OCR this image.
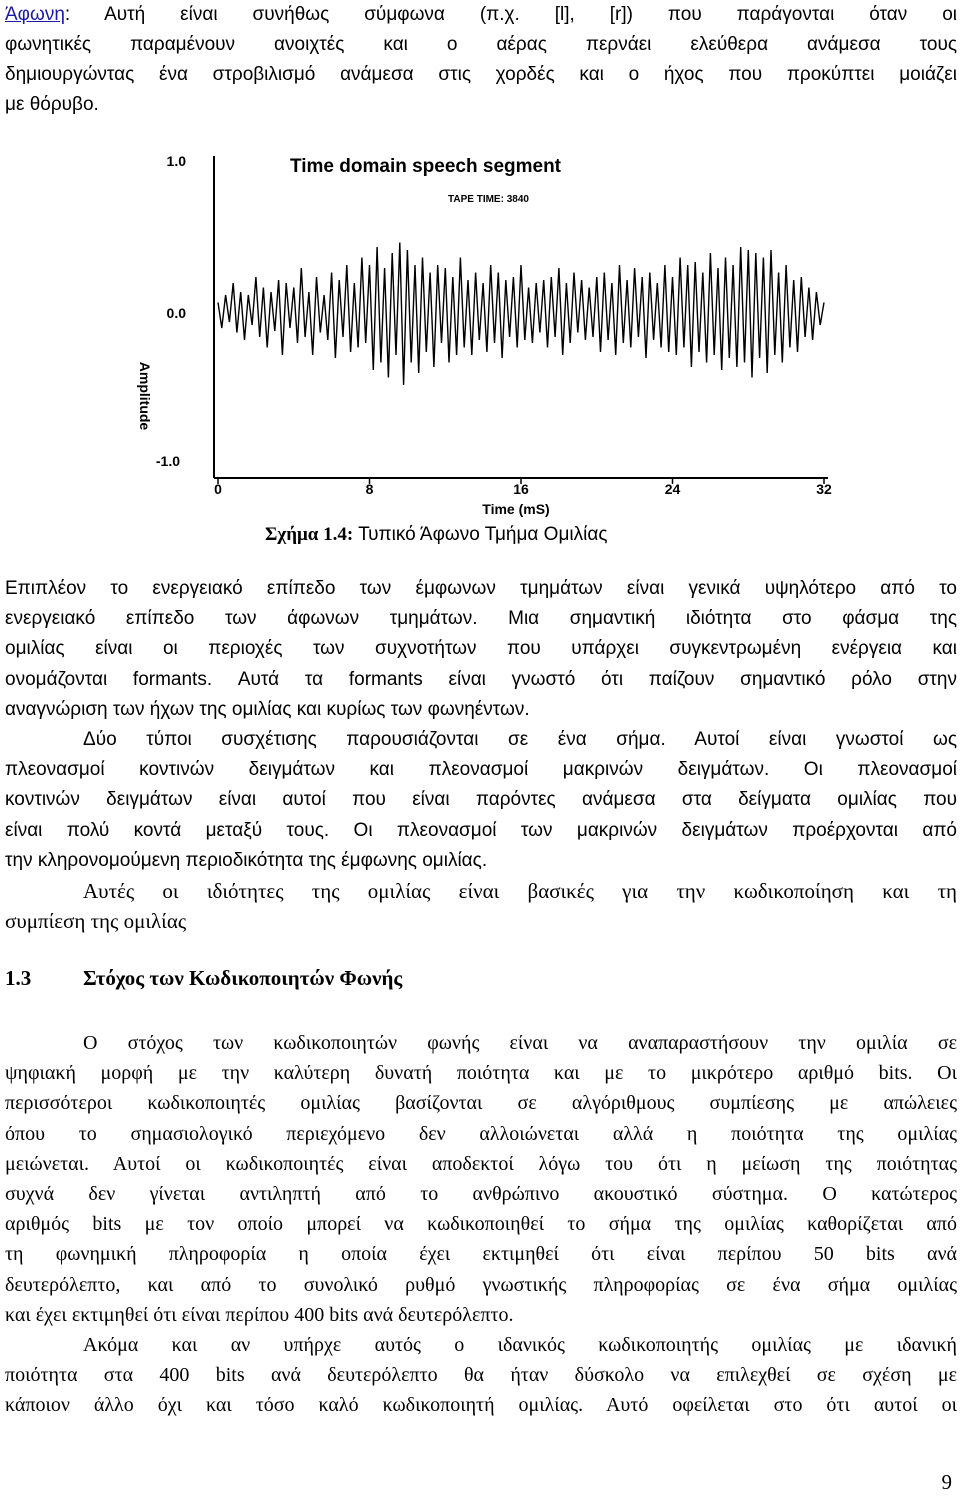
Άφωνη: Αυτή είναι συνήθως σύμφωνα (π.χ. [l], [r]) που παράγονται όταν οι
φωνητικές παραμένουν ανοιχτές και ο αέρας περνάει ελεύθερα ανάμεσα τους
δημιουργώντας ένα στροβιλισμό ανάμεσα στις χορδές και ο ήχος που προκύπτει μοιάζει
με θόρυβο.
Time domain speech segment
TAPE TIME: 3840
1.0
0.0
-1.0
Amplitude
0	8	16	24	32
Time (mS)
Σχήμα 1.4: Τυπικό Άφωνο Τμήμα Ομιλίας
Επιπλέον το ενεργειακό επίπεδο των έμφωνων τμημάτων είναι γενικά υψηλότερο από το
ενεργειακό επίπεδο των άφωνων τμημάτων. Μια σημαντική ιδιότητα στο φάσμα της
ομιλίας είναι οι περιοχές των συχνοτήτων που υπάρχει συγκεντρωμένη ενέργεια και
ονομάζονται formants. Αυτά τα formants είναι γνωστό ότι παίζουν σημαντικό ρόλο στην
αναγνώριση των ήχων της ομιλίας και κυρίως των φωνηέντων.
Δύο τύποι συσχέτισης παρουσιάζονται σε ένα σήμα. Αυτοί είναι γνωστοί ως
πλεονασμοί κοντινών δειγμάτων και πλεονασμοί μακρινών δειγμάτων. Οι πλεονασμοί
κοντινών δειγμάτων είναι αυτοί που είναι παρόντες ανάμεσα στα δείγματα ομιλίας που
είναι πολύ κοντά μεταξύ τους. Οι πλεονασμοί των μακρινών δειγμάτων προέρχονται από
την κληρονομούμενη περιοδικότητα της έμφωνης ομιλίας.
Αυτές οι ιδιότητες της ομιλίας είναι βασικές για την κωδικοποίηση και τη
συμπίεση της ομιλίας
1.3 Στόχος των Κωδικοποιητών Φωνής
Ο στόχος των κωδικοποιητών φωνής είναι να αναπαραστήσουν την ομιλία σε
ψηφιακή μορφή με την καλύτερη δυνατή ποιότητα και με το μικρότερο αριθμό bits. Οι
περισσότεροι κωδικοποιητές ομιλίας βασίζονται σε αλγόριθμους συμπίεσης με απώλειες
όπου το σημασιολογικό περιεχόμενο δεν αλλοιώνεται αλλά η ποιότητα της ομιλίας
μειώνεται. Αυτοί οι κωδικοποιητές είναι αποδεκτοί λόγω του ότι η μείωση της ποιότητας
συχνά δεν γίνεται αντιληπτή από το ανθρώπινο ακουστικό σύστημα. Ο κατώτερος
αριθμός bits με τον οποίο μπορεί να κωδικοποιηθεί το σήμα της ομιλίας καθορίζεται από
τη φωνημική πληροφορία η οποία έχει εκτιμηθεί ότι είναι περίπου 50 bits ανά
δευτερόλεπτο, και από το συνολικό ρυθμό γνωστικής πληροφορίας σε ένα σήμα ομιλίας
και έχει εκτιμηθεί ότι είναι περίπου 400 bits ανά δευτερόλεπτο.
Ακόμα και αν υπήρχε αυτός ο ιδανικός κωδικοποιητής ομιλίας με ιδανική
ποιότητα στα 400 bits ανά δευτερόλεπτο θα ήταν δύσκολο να επιλεχθεί σε σχέση με
κάποιον άλλο όχι και τόσο καλό κωδικοποιητή ομιλίας. Αυτό οφείλεται στο ότι αυτοί οι
9
